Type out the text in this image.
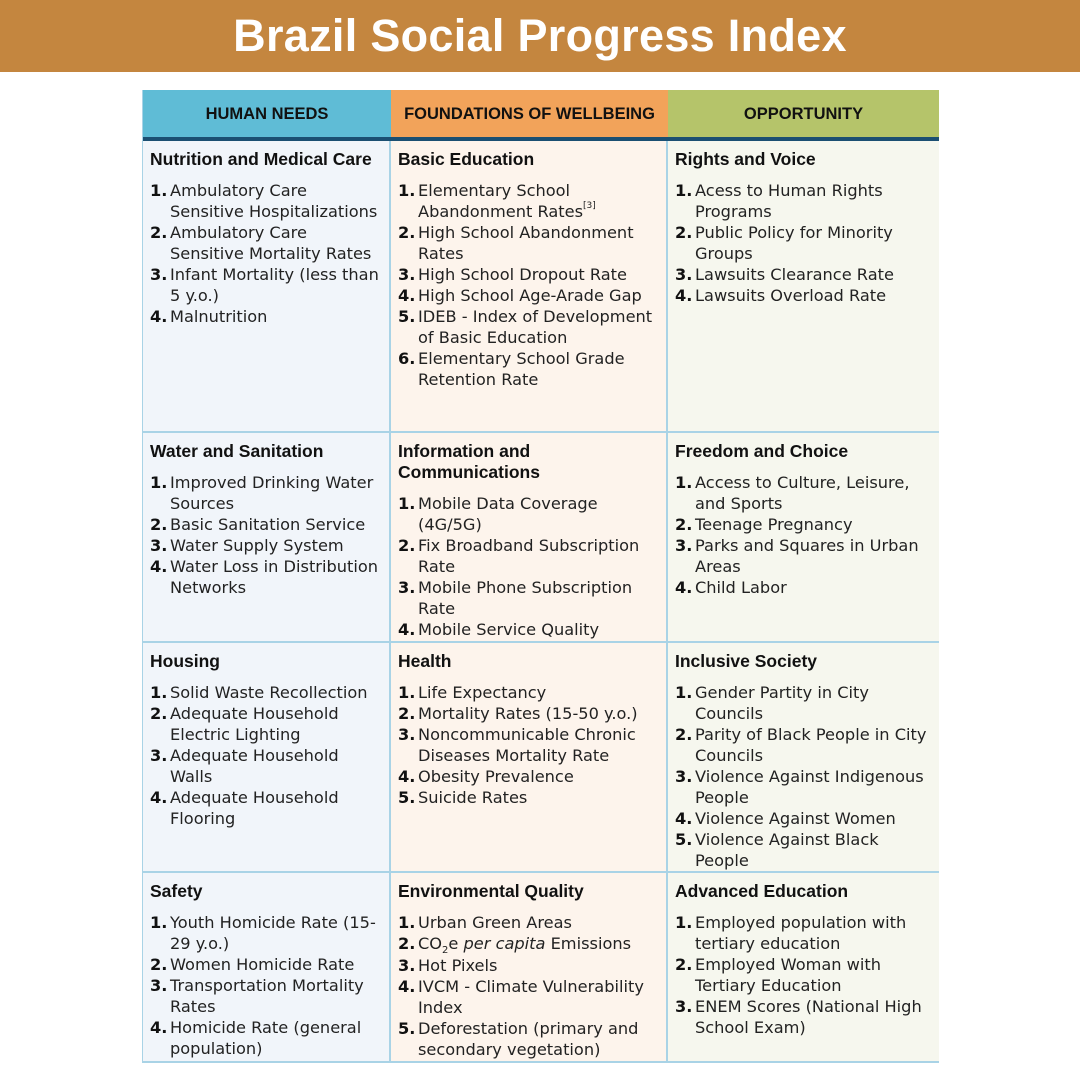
Brazil Social Progress Index
HUMAN NEEDS	FOUNDATIONS OF WELLBEING	OPPORTUNITY
Nutrition and Medical Care
1. Ambulatory Care Sensitive Hospitalizations
2. Ambulatory Care Sensitive Mortality Rates
3. Infant Mortality (less than 5 y.o.)
4. Malnutrition
Basic Education
1. Elementary School Abandonment Rates[3]
2. High School Abandonment Rates
3. High School Dropout Rate
4. High School Age-Arade Gap
5. IDEB - Index of Development of Basic Education
6. Elementary School Grade Retention Rate
Rights and Voice
1. Acess to Human Rights Programs
2. Public Policy for Minority Groups
3. Lawsuits Clearance Rate
4. Lawsuits Overload Rate
Water and Sanitation
1. Improved Drinking Water Sources
2. Basic Sanitation Service
3. Water Supply System
4. Water Loss in Distribution Networks
Information and Communications
1. Mobile Data Coverage (4G/5G)
2. Fix Broadband Subscription Rate
3. Mobile Phone Subscription Rate
4. Mobile Service Quality
Freedom and Choice
1. Access to Culture, Leisure, and Sports
2. Teenage Pregnancy
3. Parks and Squares in Urban Areas
4. Child Labor
Housing
1. Solid Waste Recollection
2. Adequate Household Electric Lighting
3. Adequate Household Walls
4. Adequate Household Flooring
Health
1. Life Expectancy
2. Mortality Rates (15-50 y.o.)
3. Noncommunicable Chronic Diseases Mortality Rate
4. Obesity Prevalence
5. Suicide Rates
Inclusive Society
1. Gender Partity in City Councils
2. Parity of Black People in City Councils
3. Violence Against Indigenous People
4. Violence Against Women
5. Violence Against Black People
Safety
1. Youth Homicide Rate (15-29 y.o.)
2. Women Homicide Rate
3. Transportation Mortality Rates
4. Homicide Rate (general population)
Environmental Quality
1. Urban Green Areas
2. $CO_2e$ per capita Emissions
3. Hot Pixels
4. IVCM - Climate Vulnerability Index
5. Deforestation (primary and secondary vegetation)
Advanced Education
1. Employed population with tertiary education
2. Employed Woman with Tertiary Education
3. ENEM Scores (National High School Exam)
